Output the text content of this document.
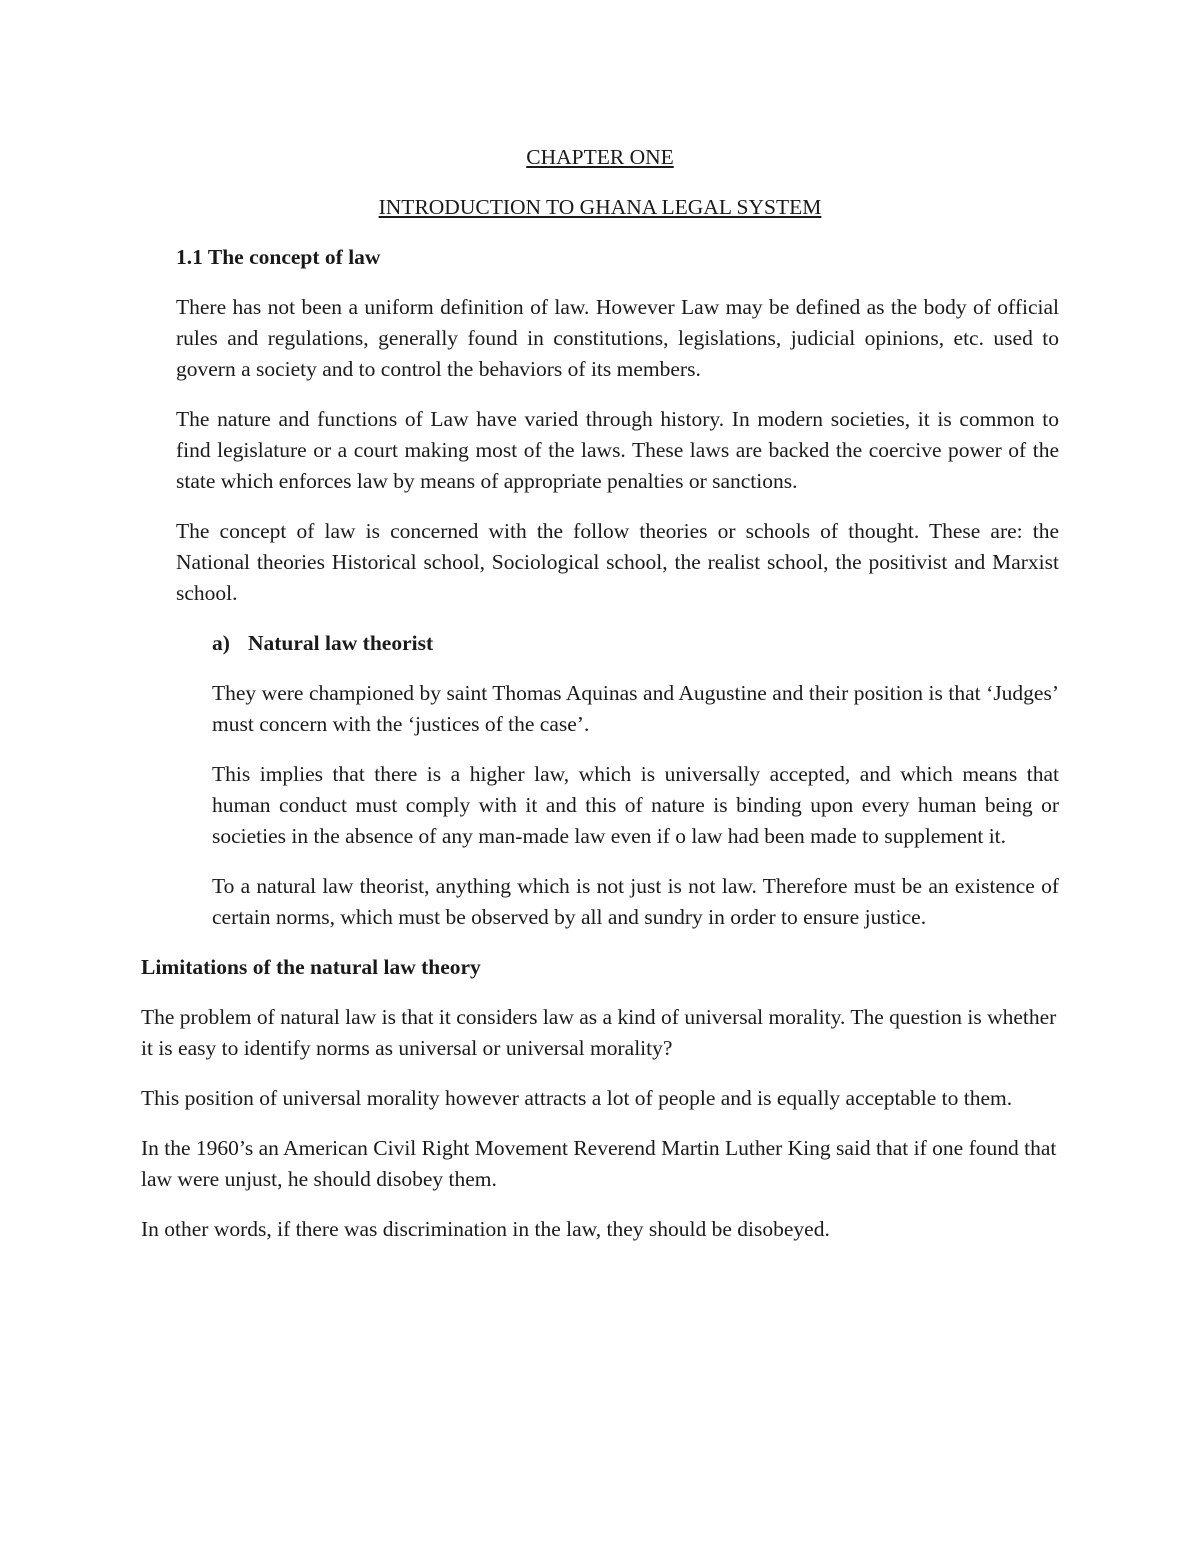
CHAPTER ONE
INTRODUCTION TO GHANA LEGAL SYSTEM
1.1 The concept of law

There has not been a uniform definition of law. However Law may be defined as the body of official rules and regulations, generally found in constitutions, legislations, judicial opinions, etc. used to govern a society and to control the behaviors of its members.

The nature and functions of Law have varied through history. In modern societies, it is common to find legislature or a court making most of the laws. These laws are backed the coercive power of the state which enforces law by means of appropriate penalties or sanctions.

The concept of law is concerned with the follow theories or schools of thought. These are: the National theories Historical school, Sociological school, the realist school, the positivist and Marxist school.

a) Natural law theorist

They were championed by saint Thomas Aquinas and Augustine and their position is that ‘Judges’ must concern with the ‘justices of the case’.

This implies that there is a higher law, which is universally accepted, and which means that human conduct must comply with it and this of nature is binding upon every human being or societies in the absence of any man-made law even if o law had been made to supplement it.

To a natural law theorist, anything which is not just is not law. Therefore must be an existence of certain norms, which must be observed by all and sundry in order to ensure justice.

Limitations of the natural law theory

The problem of natural law is that it considers law as a kind of universal morality. The question is whether it is easy to identify norms as universal or universal morality?

This position of universal morality however attracts a lot of people and is equally acceptable to them.

In the 1960’s an American Civil Right Movement Reverend Martin Luther King said that if one found that law were unjust, he should disobey them.

In other words, if there was discrimination in the law, they should be disobeyed.
